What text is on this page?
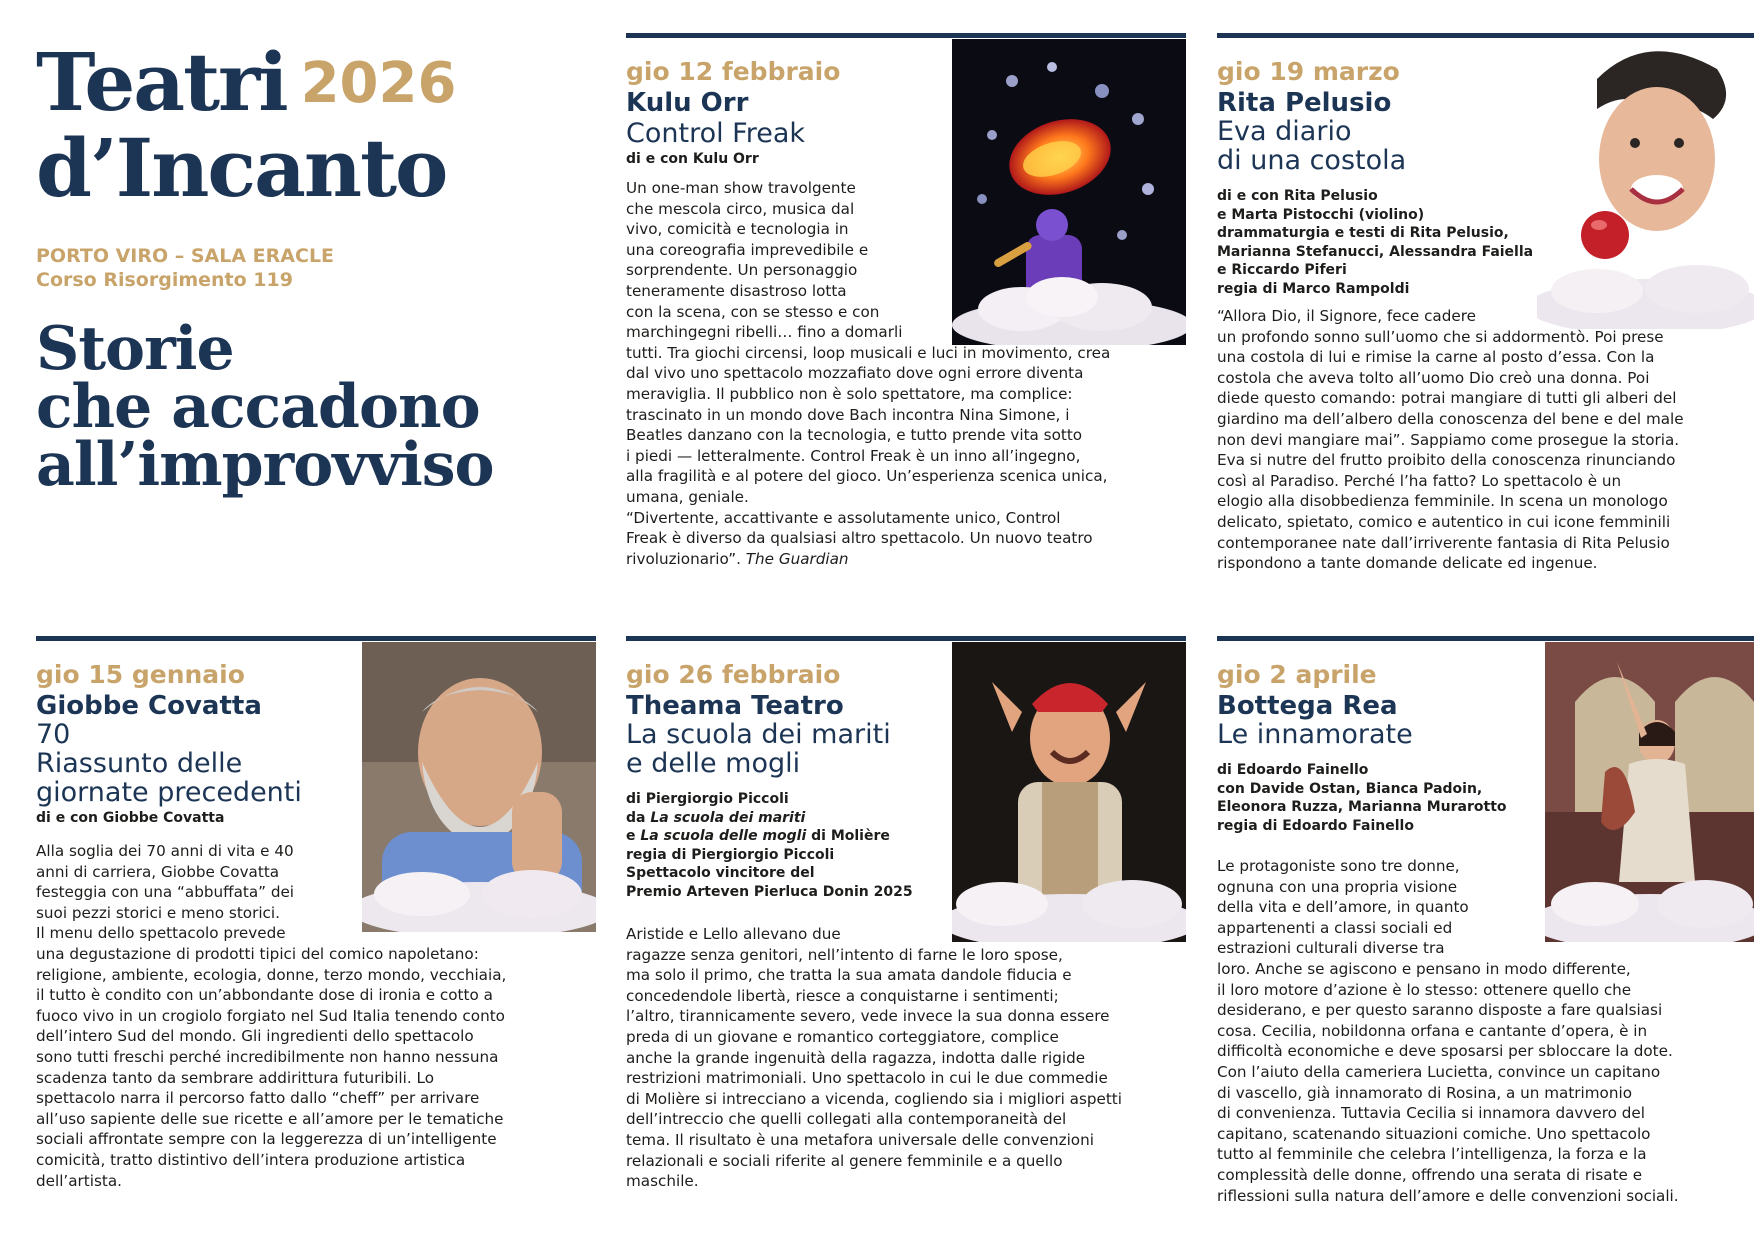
Teatri 2026
d’Incanto
PORTO VIRO – SALA ERACLE
Corso Risorgimento 119
Storie
che accadono
all’improvviso
gio 12 febbraio
Kulu Orr
Control Freak
di e con Kulu Orr

Un one-man show travolgente

che mescola circo, musica dal

vivo, comicità e tecnologia in

una coreografia imprevedibile e

sorprendente. Un personaggio

teneramente disastroso lotta

con la scena, con se stesso e con

marchingegni ribelli… fino a domarli

tutti. Tra giochi circensi, loop musicali e luci in movimento, crea

dal vivo uno spettacolo mozzafiato dove ogni errore diventa

meraviglia. Il pubblico non è solo spettatore, ma complice:

trascinato in un mondo dove Bach incontra Nina Simone, i

Beatles danzano con la tecnologia, e tutto prende vita sotto

i piedi — letteralmente. Control Freak è un inno all’ingegno,

alla fragilità e al potere del gioco. Un’esperienza scenica unica,

umana, geniale.

“Divertente, accattivante e assolutamente unico, Control

Freak è diverso da qualsiasi altro spettacolo. Un nuovo teatro

rivoluzionario”. The Guardian

gio 19 marzo
Rita Pelusio
Eva diario
di una costola
di e con Rita Pelusio
e Marta Pistocchi (violino)
drammaturgia e testi di Rita Pelusio,
Marianna Stefanucci, Alessandra Faiella
e Riccardo Piferi
regia di Marco Rampoldi

“Allora Dio, il Signore, fece cadere

un profondo sonno sull’uomo che si addormentò. Poi prese

una costola di lui e rimise la carne al posto d’essa. Con la

costola che aveva tolto all’uomo Dio creò una donna. Poi

diede questo comando: potrai mangiare di tutti gli alberi del

giardino ma dell’albero della conoscenza del bene e del male

non devi mangiare mai”. Sappiamo come prosegue la storia.

Eva si nutre del frutto proibito della conoscenza rinunciando

così al Paradiso. Perché l’ha fatto? Lo spettacolo è un

elogio alla disobbedienza femminile. In scena un monologo

delicato, spietato, comico e autentico in cui icone femminili

contemporanee nate dall’irriverente fantasia di Rita Pelusio

rispondono a tante domande delicate ed ingenue.

gio 15 gennaio
Giobbe Covatta
70
Riassunto delle
giornate precedenti
di e con Giobbe Covatta

Alla soglia dei 70 anni di vita e 40

anni di carriera, Giobbe Covatta

festeggia con una “abbuffata” dei

suoi pezzi storici e meno storici.

Il menu dello spettacolo prevede

una degustazione di prodotti tipici del comico napoletano:

religione, ambiente, ecologia, donne, terzo mondo, vecchiaia,

il tutto è condito con un’abbondante dose di ironia e cotto a

fuoco vivo in un crogiolo forgiato nel Sud Italia tenendo conto

dell’intero Sud del mondo. Gli ingredienti dello spettacolo

sono tutti freschi perché incredibilmente non hanno nessuna

scadenza tanto da sembrare addirittura futuribili. Lo

spettacolo narra il percorso fatto dallo “cheff” per arrivare

all’uso sapiente delle sue ricette e all’amore per le tematiche

sociali affrontate sempre con la leggerezza di un’intelligente

comicità, tratto distintivo dell’intera produzione artistica

dell’artista.

gio 26 febbraio
Theama Teatro
La scuola dei mariti
e delle mogli
di Piergiorgio Piccoli
da La scuola dei mariti
e La scuola delle mogli di Molière
regia di Piergiorgio Piccoli
Spettacolo vincitore del
Premio Arteven Pierluca Donin 2025

Aristide e Lello allevano due

ragazze senza genitori, nell’intento di farne le loro spose,

ma solo il primo, che tratta la sua amata dandole fiducia e

concedendole libertà, riesce a conquistarne i sentimenti;

l’altro, tirannicamente severo, vede invece la sua donna essere

preda di un giovane e romantico corteggiatore, complice

anche la grande ingenuità della ragazza, indotta dalle rigide

restrizioni matrimoniali. Uno spettacolo in cui le due commedie

di Molière si intrecciano a vicenda, cogliendo sia i migliori aspetti

dell’intreccio che quelli collegati alla contemporaneità del

tema. Il risultato è una metafora universale delle convenzioni

relazionali e sociali riferite al genere femminile e a quello

maschile.

gio 2 aprile
Bottega Rea
Le innamorate
di Edoardo Fainello
con Davide Ostan, Bianca Padoin,
Eleonora Ruzza, Marianna Murarotto
regia di Edoardo Fainello

Le protagoniste sono tre donne,

ognuna con una propria visione

della vita e dell’amore, in quanto

appartenenti a classi sociali ed

estrazioni culturali diverse tra

loro. Anche se agiscono e pensano in modo differente,

il loro motore d’azione è lo stesso: ottenere quello che

desiderano, e per questo saranno disposte a fare qualsiasi

cosa. Cecilia, nobildonna orfana e cantante d’opera, è in

difficoltà economiche e deve sposarsi per sbloccare la dote.

Con l’aiuto della cameriera Lucietta, convince un capitano

di vascello, già innamorato di Rosina, a un matrimonio

di convenienza. Tuttavia Cecilia si innamora davvero del

capitano, scatenando situazioni comiche. Uno spettacolo

tutto al femminile che celebra l’intelligenza, la forza e la

complessità delle donne, offrendo una serata di risate e

riflessioni sulla natura dell’amore e delle convenzioni sociali.
